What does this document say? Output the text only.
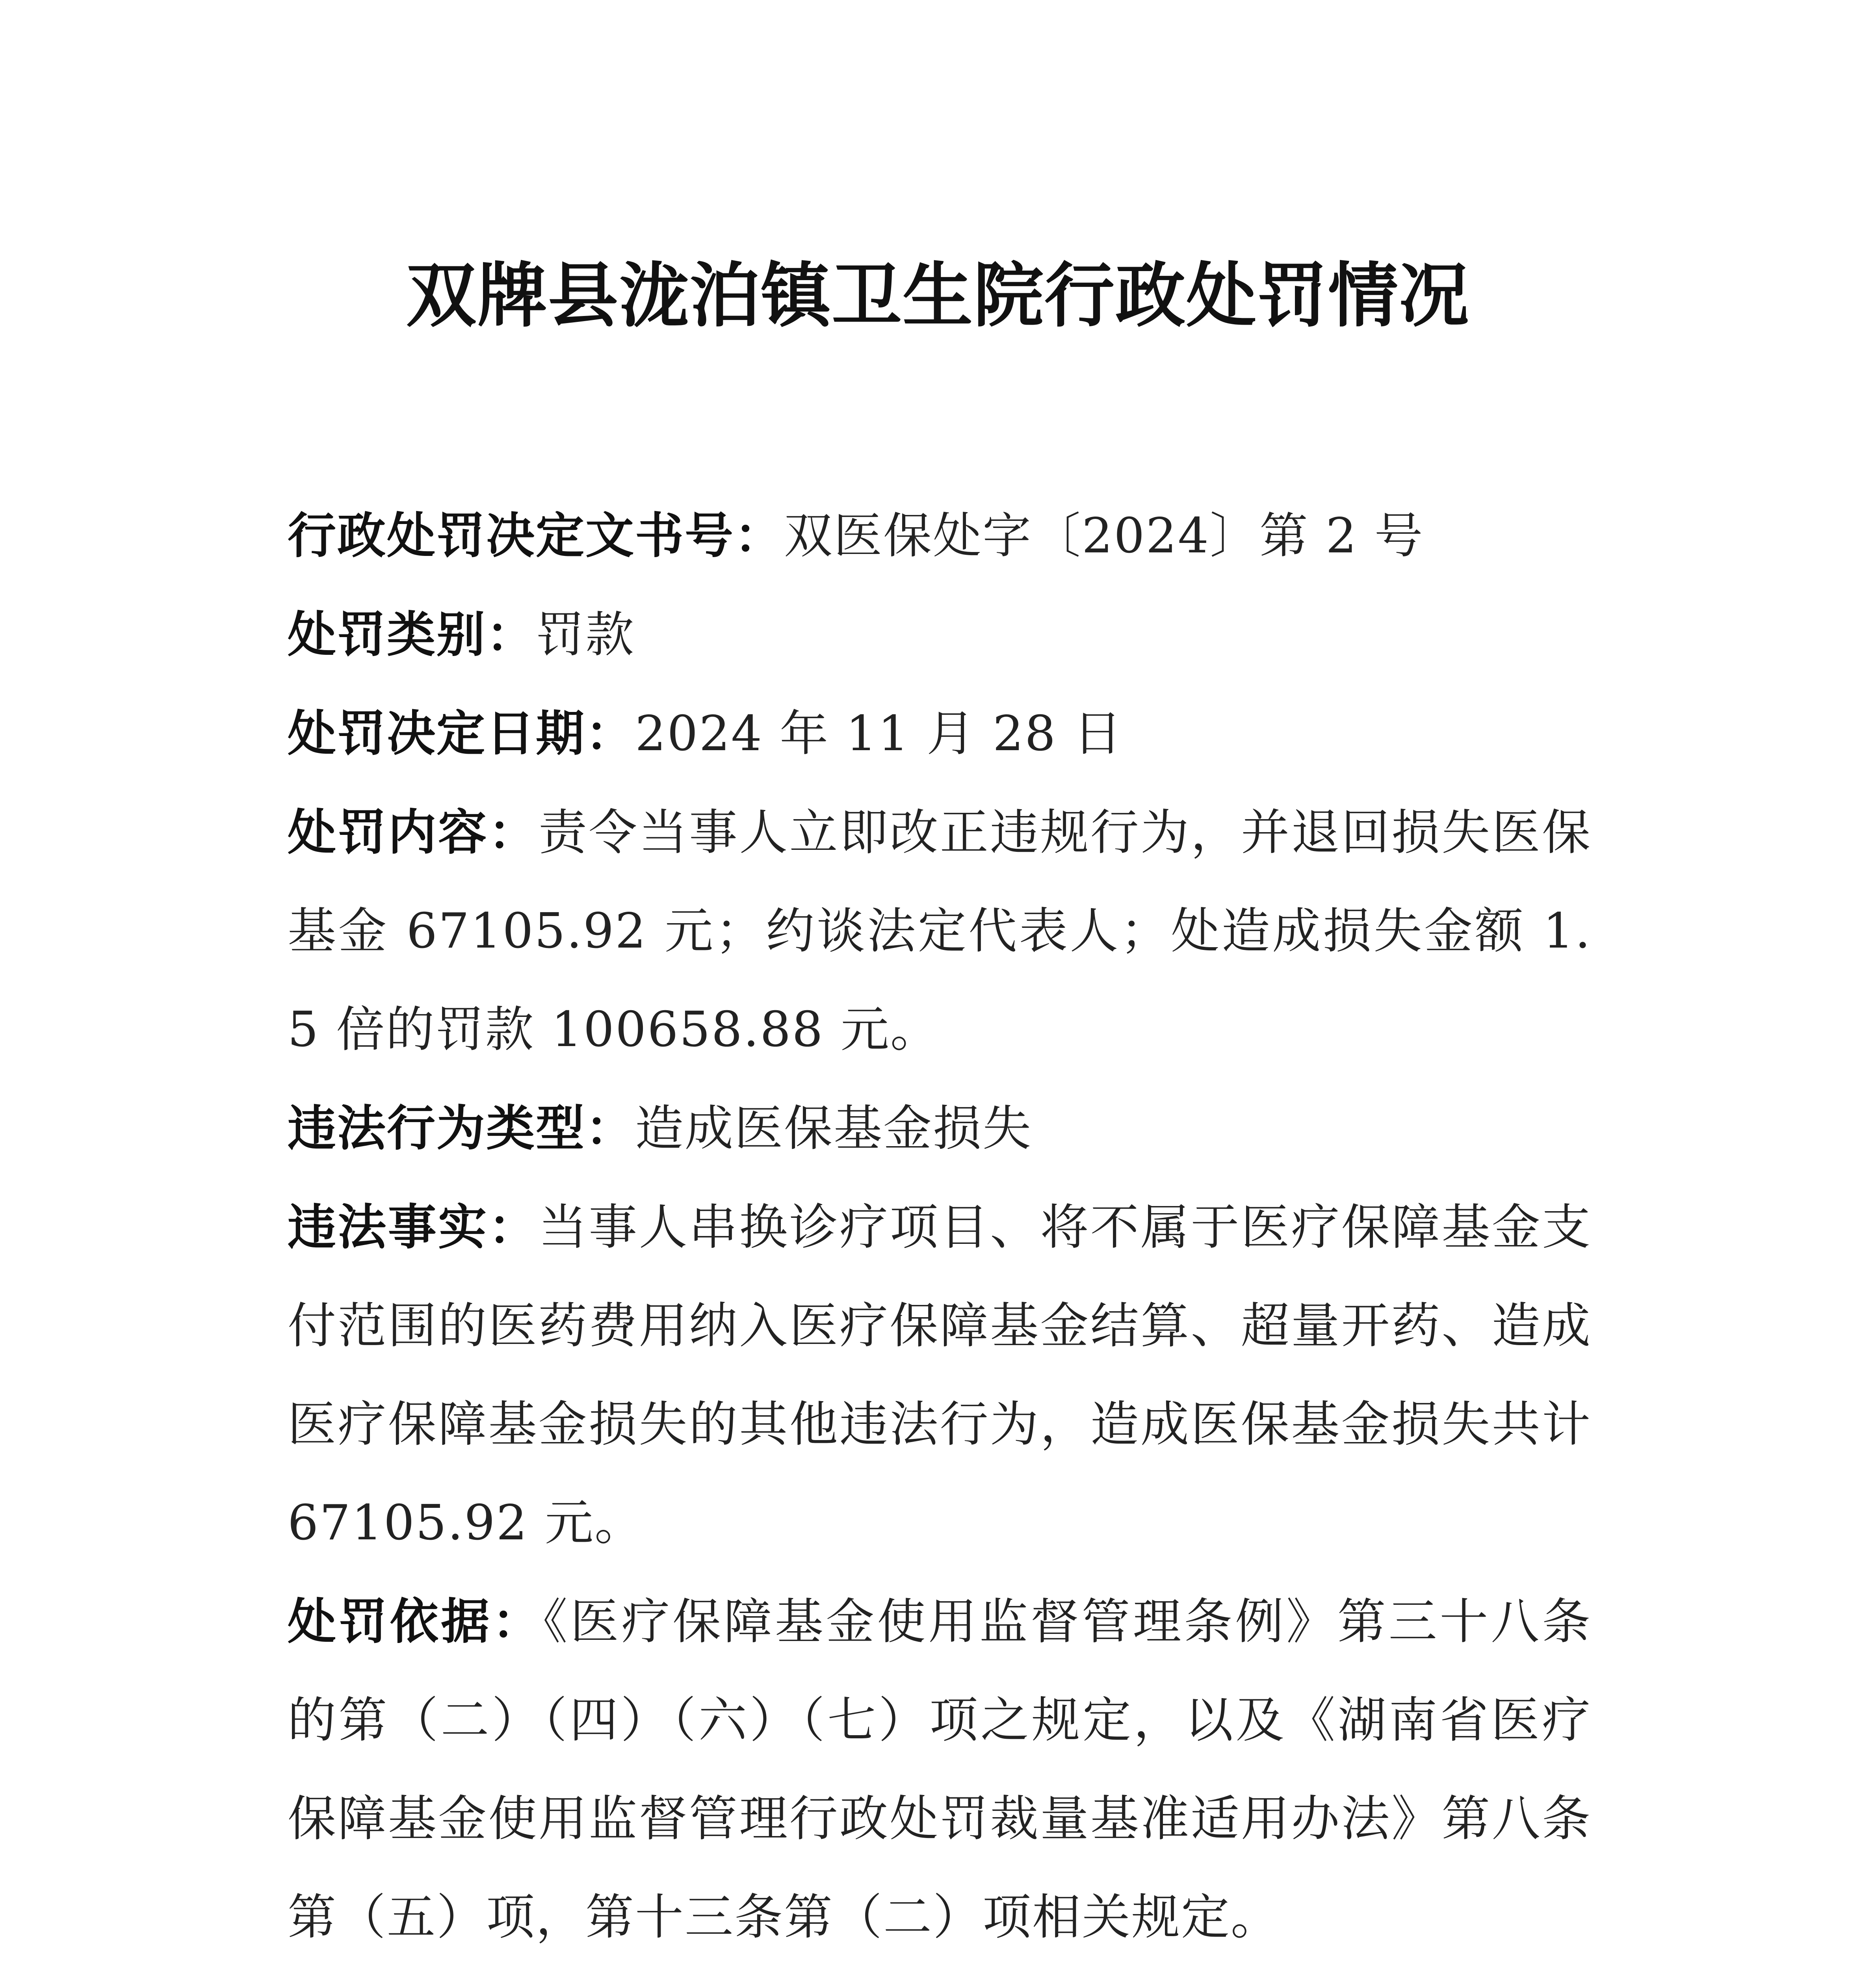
双牌县泷泊镇卫生院行政处罚情况

行政处罚决定文书号：双医保处字〔2024〕第 2 号

处罚类别：罚款

处罚决定日期：2024 年 11 月 28 日

处罚内容：责令当事人立即改正违规行为，并退回损失医保基金 67105.92 元；约谈法定代表人；处造成损失金额 1.5 倍的罚款 100658.88 元。

违法行为类型：造成医保基金损失

违法事实：当事人串换诊疗项目、将不属于医疗保障基金支付范围的医药费用纳入医疗保障基金结算、超量开药、造成医疗保障基金损失的其他违法行为，造成医保基金损失共计 67105.92 元。

处罚依据：《医疗保障基金使用监督管理条例》第三十八条的第（二）（四）（六）（七）项之规定，以及《湖南省医疗保障基金使用监督管理行政处罚裁量基准适用办法》第八条第（五）项，第十三条第（二）项相关规定。
